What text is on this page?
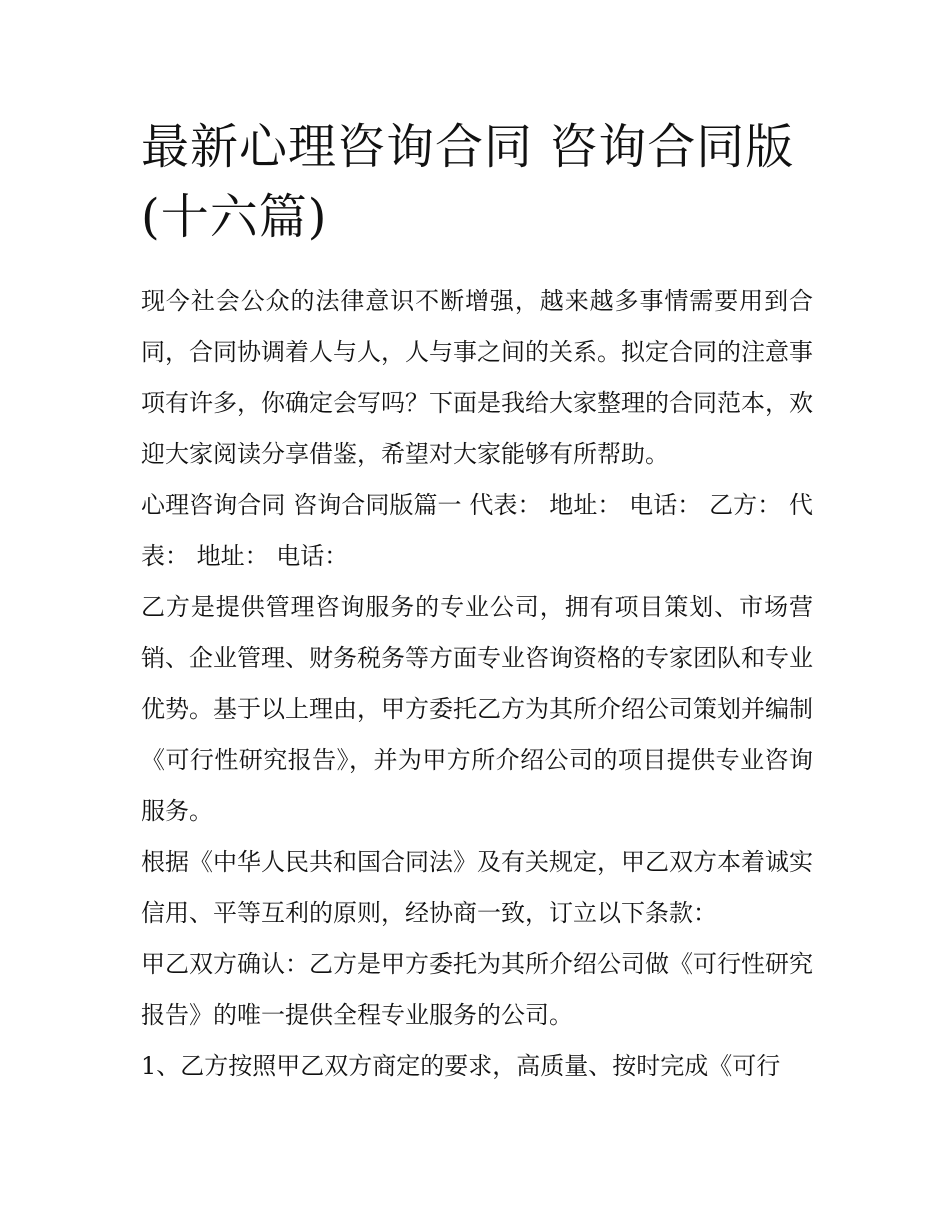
最新心理咨询合同 咨询合同版(十六篇)

现今社会公众的法律意识不断增强，越来越多事情需要用到合同，合同协调着人与人，人与事之间的关系。拟定合同的注意事项有许多，你确定会写吗？下面是我给大家整理的合同范本，欢迎大家阅读分享借鉴，希望对大家能够有所帮助。

心理咨询合同 咨询合同版篇一 代表： 地址： 电话： 乙方： 代表： 地址： 电话：

乙方是提供管理咨询服务的专业公司，拥有项目策划、市场营销、企业管理、财务税务等方面专业咨询资格的专家团队和专业优势。基于以上理由，甲方委托乙方为其所介绍公司策划并编制《可行性研究报告》，并为甲方所介绍公司的项目提供专业咨询服务。

根据《中华人民共和国合同法》及有关规定，甲乙双方本着诚实信用、平等互利的原则，经协商一致，订立以下条款：

甲乙双方确认：乙方是甲方委托为其所介绍公司做《可行性研究报告》的唯一提供全程专业服务的公司。

1、乙方按照甲乙双方商定的要求，高质量、按时完成《可行
